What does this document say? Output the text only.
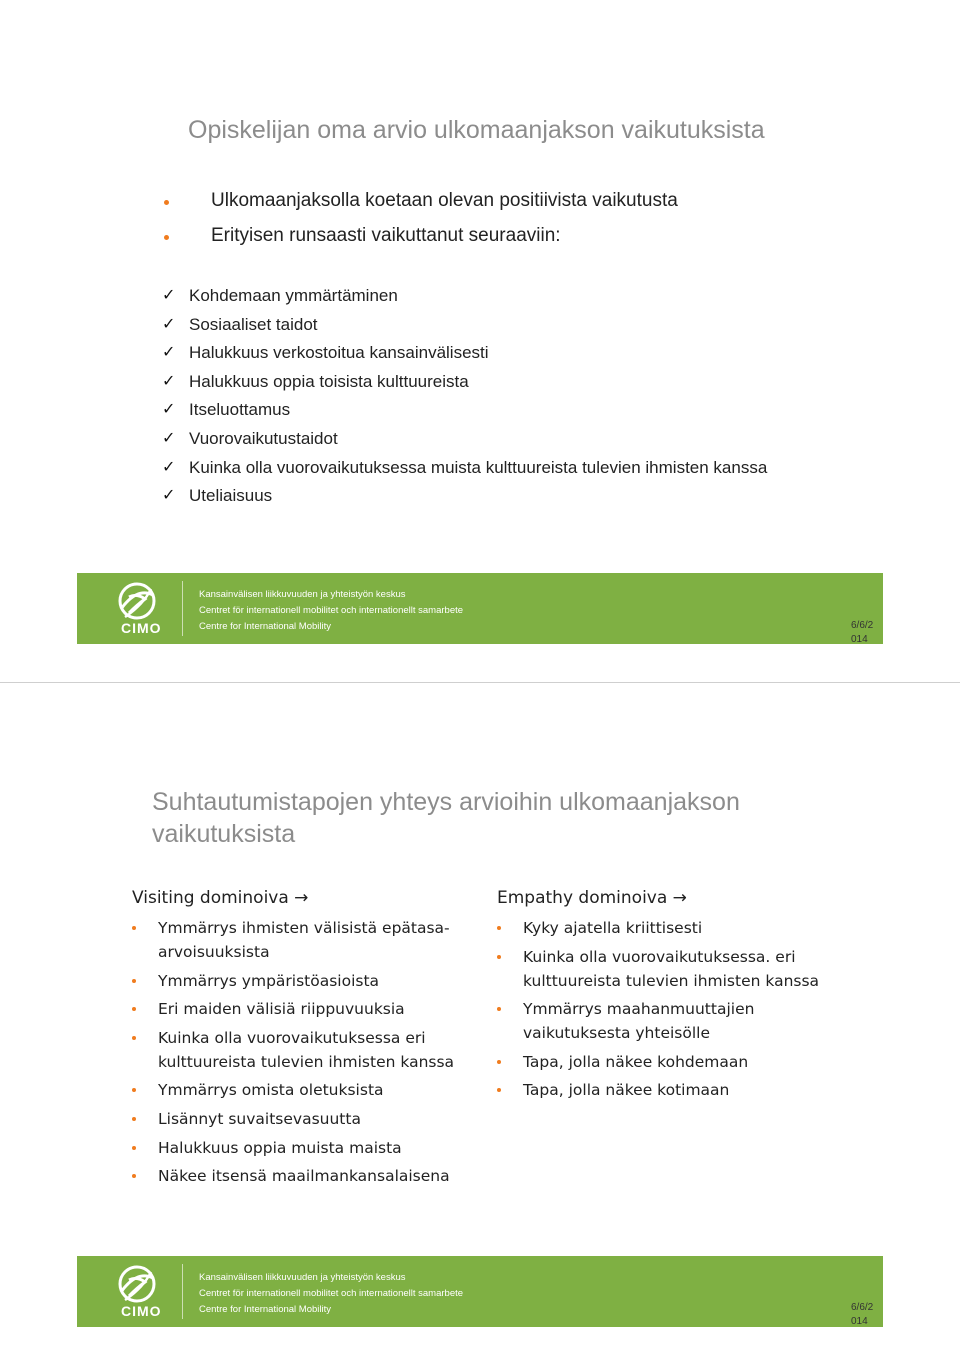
Opiskelijan oma arvio ulkomaanjakson vaikutuksista
Ulkomaanjaksolla koetaan olevan positiivista vaikutusta
Erityisen runsaasti vaikuttanut seuraaviin:
✓ Kohdemaan ymmärtäminen
✓ Sosiaaliset taidot
✓ Halukkuus verkostoitua kansainvälisesti
✓ Halukkuus oppia toisista kulttuureista
✓ Itseluottamus
✓ Vuorovaikutustaidot
✓ Kuinka olla vuorovaikutuksessa muista kulttuureista tulevien ihmisten kanssa
✓ Uteliaisuus
CIMO
Kansainvälisen liikkuvuuden ja yhteistyön keskus
Centret för internationell mobilitet och internationellt samarbete
Centre for International Mobility	6/6/2
014
Suhtautumistapojen yhteys arvioihin ulkomaanjakson vaikutuksista
Visiting dominoiva →
Ymmärrys ihmisten välisistä epätasa-arvoisuuksista
Ymmärrys ympäristöasioista
Eri maiden välisiä riippuvuuksia
Kuinka olla vuorovaikutuksessa eri kulttuureista tulevien ihmisten kanssa
Ymmärrys omista oletuksista
Lisännyt suvaitsevasuutta
Halukkuus oppia muista maista
Näkee itsensä maailmankansalaisena
Empathy dominoiva →
Kyky ajatella kriittisesti
Kuinka olla vuorovaikutuksessa. eri kulttuureista tulevien ihmisten kanssa
Ymmärrys maahanmuuttajien vaikutuksesta yhteisölle
Tapa, jolla näkee kohdemaan
Tapa, jolla näkee kotimaan
CIMO
Kansainvälisen liikkuvuuden ja yhteistyön keskus
Centret för internationell mobilitet och internationellt samarbete
Centre for International Mobility	6/6/2
014
